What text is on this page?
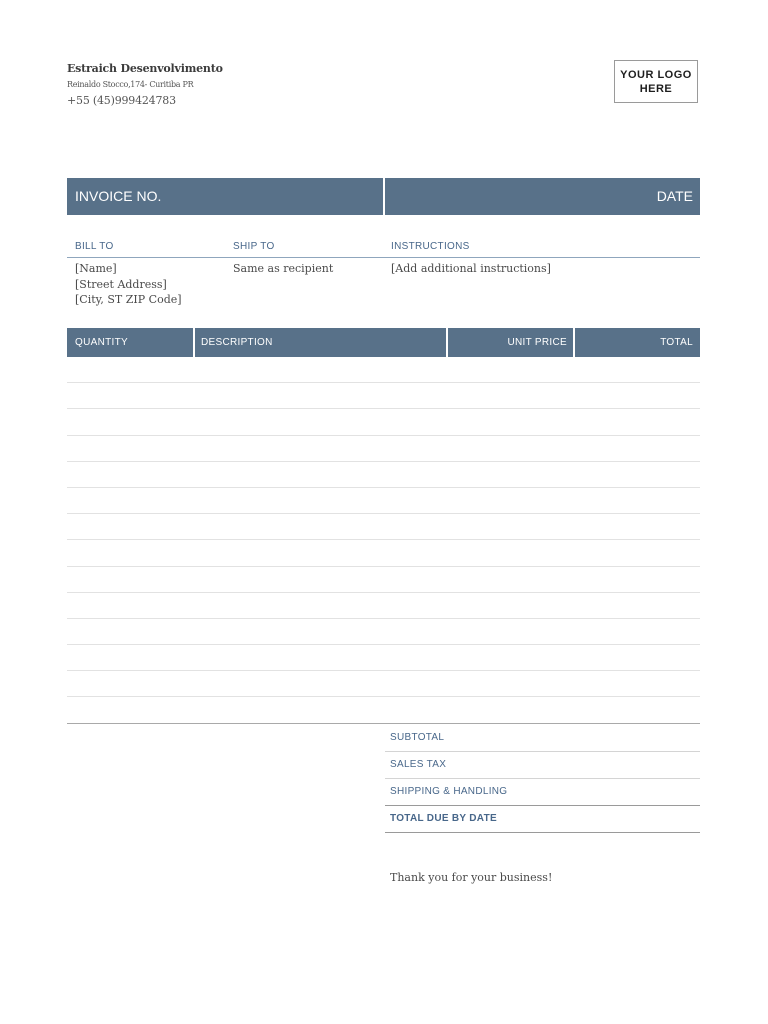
Estraich Desenvolvimento
Reinaldo Stocco,174- Curitiba PR
+55 (45)999424783
YOUR LOGO
HERE
INVOICE NO.	DATE
BILL TO	SHIP TO	INSTRUCTIONS
[Name]
[Street Address]
[City, ST ZIP Code]
Same as recipient	[Add additional instructions]
QUANTITY	DESCRIPTION	UNIT PRICE	TOTAL
SUBTOTAL
SALES TAX
SHIPPING & HANDLING
TOTAL DUE BY DATE
Thank you for your business!
